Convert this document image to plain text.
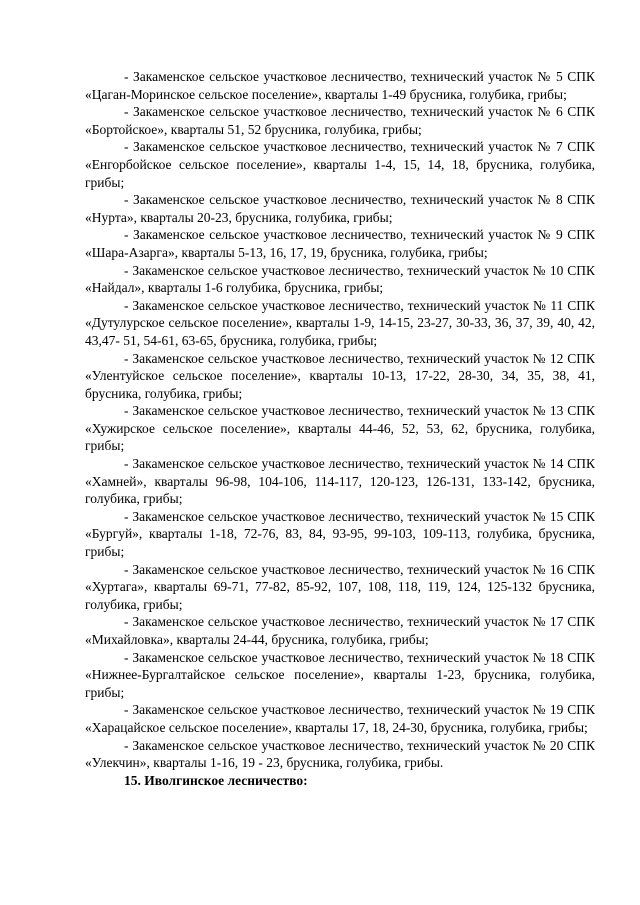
- Закаменское сельское участковое лесничество, технический участок № 5 СПК «Цаган-Моринское сельское поселение», кварталы 1-49 брусника, голубика, грибы;

- Закаменское сельское участковое лесничество, технический участок № 6 СПК «Бортойское», кварталы 51, 52 брусника, голубика, грибы;

- Закаменское сельское участковое лесничество, технический участок № 7 СПК «Енгорбойское сельское поселение», кварталы 1-4, 15, 14, 18, брусника, голубика, грибы;

- Закаменское сельское участковое лесничество, технический участок № 8 СПК «Нурта», кварталы 20-23, брусника, голубика, грибы;

- Закаменское сельское участковое лесничество, технический участок № 9 СПК «Шара-Азарга», кварталы 5-13, 16, 17, 19, брусника, голубика, грибы;

- Закаменское сельское участковое лесничество, технический участок № 10 СПК «Найдал», кварталы 1-6 голубика, брусника, грибы;

- Закаменское сельское участковое лесничество, технический участок № 11 СПК «Дутулурское сельское поселение», кварталы 1-9, 14-15, 23-27, 30-33, 36, 37, 39, 40, 42, 43,47- 51, 54-61, 63-65, брусника, голубика, грибы;

- Закаменское сельское участковое лесничество, технический участок № 12 СПК «Улентуйское сельское поселение», кварталы 10-13, 17-22, 28-30, 34, 35, 38, 41, брусника, голубика, грибы;

- Закаменское сельское участковое лесничество, технический участок № 13 СПК «Хужирское сельское поселение», кварталы 44-46, 52, 53, 62, брусника, голубика, грибы;

- Закаменское сельское участковое лесничество, технический участок № 14 СПК «Хамней», кварталы 96-98, 104-106, 114-117, 120-123, 126-131, 133-142, брусника, голубика, грибы;

- Закаменское сельское участковое лесничество, технический участок № 15 СПК «Бургуй», кварталы 1-18, 72-76, 83, 84, 93-95, 99-103, 109-113, голубика, брусника, грибы;

- Закаменское сельское участковое лесничество, технический участок № 16 СПК «Хуртага», кварталы 69-71, 77-82, 85-92, 107, 108, 118, 119, 124, 125-132 брусника, голубика, грибы;

- Закаменское сельское участковое лесничество, технический участок № 17 СПК «Михайловка», кварталы 24-44, брусника, голубика, грибы;

- Закаменское сельское участковое лесничество, технический участок № 18 СПК «Нижнее-Бургалтайское сельское поселение», кварталы 1-23, брусника, голубика, грибы;

- Закаменское сельское участковое лесничество, технический участок № 19 СПК «Харацайское сельское поселение», кварталы 17, 18, 24-30, брусника, голубика, грибы;

- Закаменское сельское участковое лесничество, технический участок № 20 СПК «Улекчин», кварталы 1-16, 19 - 23, брусника, голубика, грибы.

15. Иволгинское лесничество:
